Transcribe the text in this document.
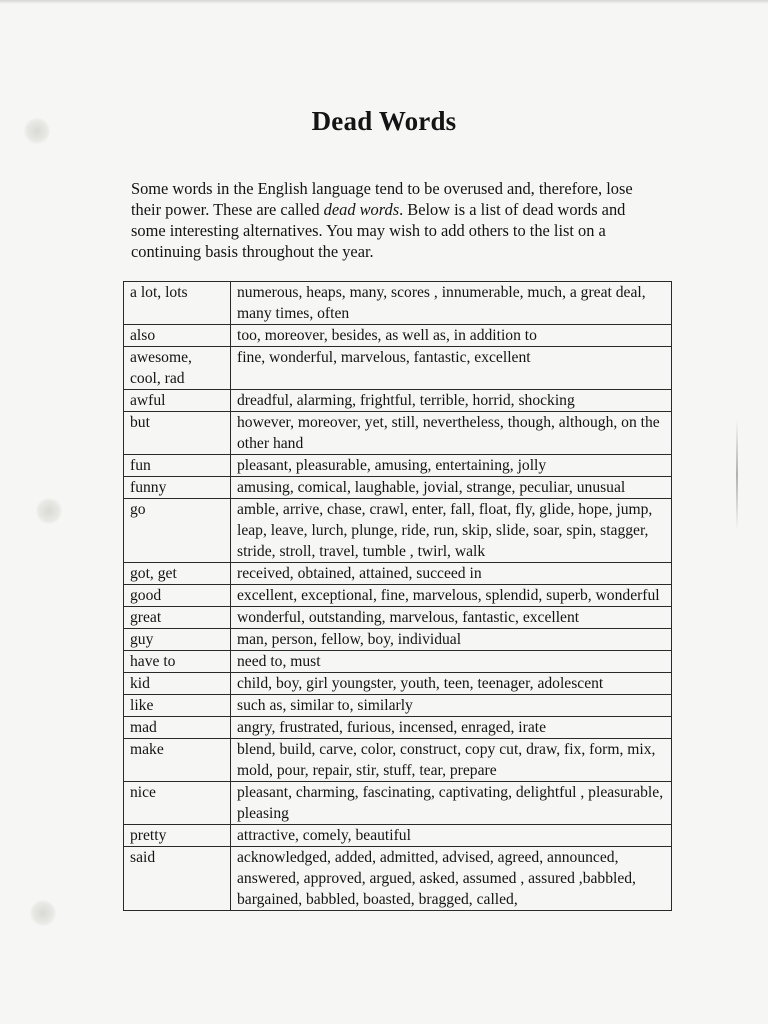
Dead Words

Some words in the English language tend to be overused and, therefore, lose their power. These are called dead words. Below is a list of dead words and some interesting alternatives. You may wish to add others to the list on a continuing basis throughout the year.

a lot, lots	numerous, heaps, many, scores , innumerable, much, a great deal, many times, often
also	too, moreover, besides, as well as, in addition to
awesome, cool, rad	fine, wonderful, marvelous, fantastic, excellent
awful	dreadful, alarming, frightful, terrible, horrid, shocking
but	however, moreover, yet, still, nevertheless, though, although, on the other hand
fun	pleasant, pleasurable, amusing, entertaining, jolly
funny	amusing, comical, laughable, jovial, strange, peculiar, unusual
go	amble, arrive, chase, crawl, enter, fall, float, fly, glide, hope, jump, leap, leave, lurch, plunge, ride, run, skip, slide, soar, spin, stagger, stride, stroll, travel, tumble , twirl, walk
got, get	received, obtained, attained, succeed in
good	excellent, exceptional, fine, marvelous, splendid, superb, wonderful
great	wonderful, outstanding, marvelous, fantastic, excellent
guy	man, person, fellow, boy, individual
have to	need to, must
kid	child, boy, girl youngster, youth, teen, teenager, adolescent
like	such as, similar to, similarly
mad	angry, frustrated, furious, incensed, enraged, irate
make	blend, build, carve, color, construct, copy cut, draw, fix, form, mix, mold, pour, repair, stir, stuff, tear, prepare
nice	pleasant, charming, fascinating, captivating, delightful , pleasurable, pleasing
pretty	attractive, comely, beautiful
said	acknowledged, added, admitted, advised, agreed, announced, answered, approved, argued, asked, assumed , assured ,babbled, bargained, babbled, boasted, bragged, called,
